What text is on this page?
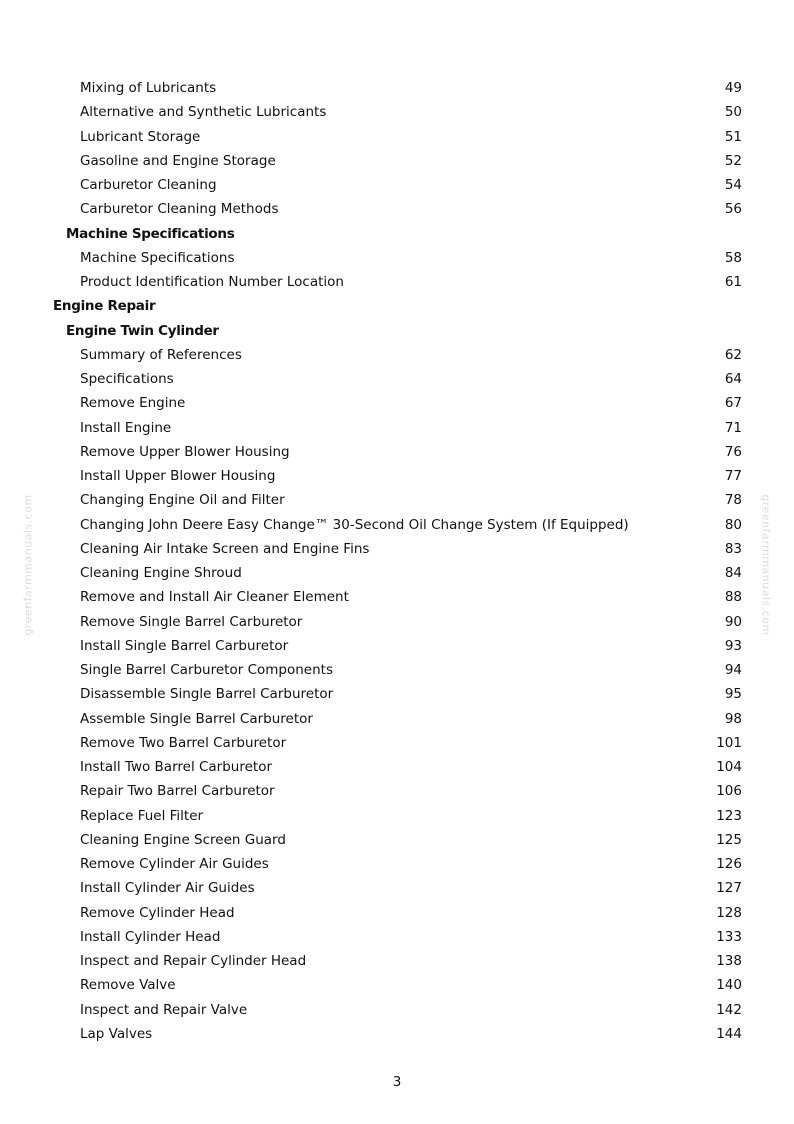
greenfarmmanuals.com	greenfarmmanuals.com
Mixing of Lubricants	49
Alternative and Synthetic Lubricants	50
Lubricant Storage	51
Gasoline and Engine Storage	52
Carburetor Cleaning	54
Carburetor Cleaning Methods	56
Machine Specifications
Machine Specifications	58
Product Identification Number Location	61
Engine Repair
Engine Twin Cylinder
Summary of References	62
Specifications	64
Remove Engine	67
Install Engine	71
Remove Upper Blower Housing	76
Install Upper Blower Housing	77
Changing Engine Oil and Filter	78
Changing John Deere Easy Change™ 30-Second Oil Change System (If Equipped)	80
Cleaning Air Intake Screen and Engine Fins	83
Cleaning Engine Shroud	84
Remove and Install Air Cleaner Element	88
Remove Single Barrel Carburetor	90
Install Single Barrel Carburetor	93
Single Barrel Carburetor Components	94
Disassemble Single Barrel Carburetor	95
Assemble Single Barrel Carburetor	98
Remove Two Barrel Carburetor	101
Install Two Barrel Carburetor	104
Repair Two Barrel Carburetor	106
Replace Fuel Filter	123
Cleaning Engine Screen Guard	125
Remove Cylinder Air Guides	126
Install Cylinder Air Guides	127
Remove Cylinder Head	128
Install Cylinder Head	133
Inspect and Repair Cylinder Head	138
Remove Valve	140
Inspect and Repair Valve	142
Lap Valves	144
3
